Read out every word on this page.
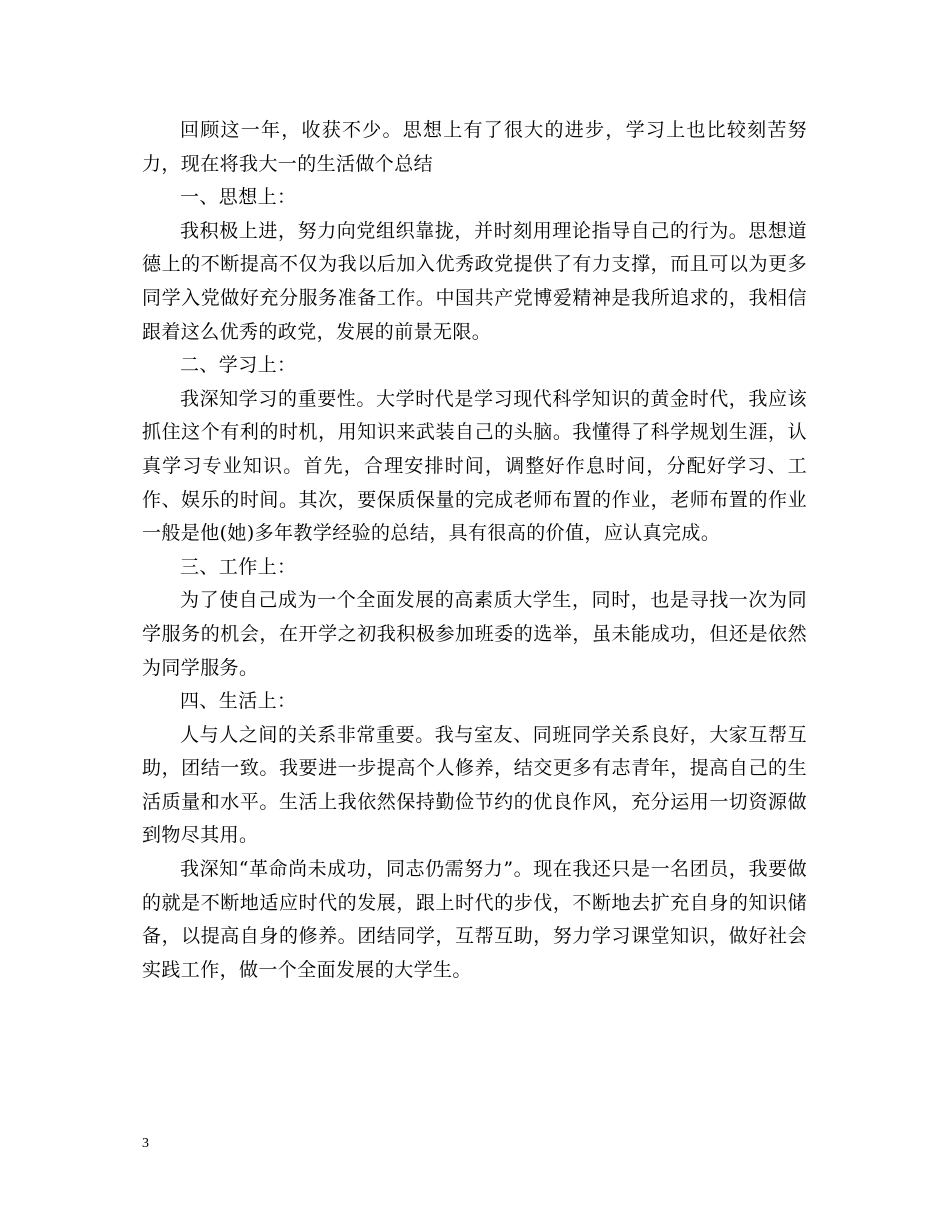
回顾这一年，收获不少。思想上有了很大的进步，学习上也比较刻苦努力，现在将我大一的生活做个总结

一、思想上：

我积极上进，努力向党组织靠拢，并时刻用理论指导自己的行为。思想道德上的不断提高不仅为我以后加入优秀政党提供了有力支撑，而且可以为更多同学入党做好充分服务准备工作。中国共产党博爱精神是我所追求的，我相信跟着这么优秀的政党，发展的前景无限。

二、学习上：

我深知学习的重要性。大学时代是学习现代科学知识的黄金时代，我应该抓住这个有利的时机，用知识来武装自己的头脑。我懂得了科学规划生涯，认真学习专业知识。首先，合理安排时间，调整好作息时间，分配好学习、工作、娱乐的时间。其次，要保质保量的完成老师布置的作业，老师布置的作业一般是他(她)多年教学经验的总结，具有很高的价值，应认真完成。

三、工作上：

为了使自己成为一个全面发展的高素质大学生，同时，也是寻找一次为同学服务的机会，在开学之初我积极参加班委的选举，虽未能成功，但还是依然为同学服务。

四、生活上：

人与人之间的关系非常重要。我与室友、同班同学关系良好，大家互帮互助，团结一致。我要进一步提高个人修养，结交更多有志青年，提高自己的生活质量和水平。生活上我依然保持勤俭节约的优良作风，充分运用一切资源做到物尽其用。

我深知“革命尚未成功，同志仍需努力”。现在我还只是一名团员，我要做的就是不断地适应时代的发展，跟上时代的步伐，不断地去扩充自身的知识储备，以提高自身的修养。团结同学，互帮互助，努力学习课堂知识，做好社会实践工作，做一个全面发展的大学生。

3
